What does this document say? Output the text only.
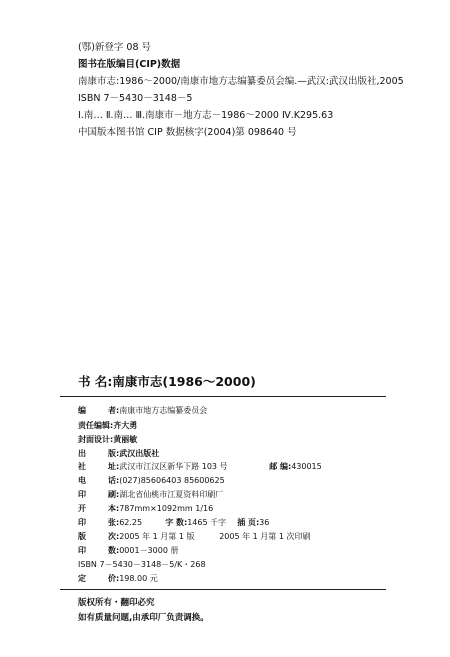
(鄂)新登字 08 号
图书在版编目(CIP)数据
南康市志:1986～2000/南康市地方志编纂委员会编.—武汉:武汉出版社,2005
ISBN 7－5430－3148－5
Ⅰ.南… Ⅱ.南… Ⅲ.南康市－地方志－1986～2000 Ⅳ.K295.63
中国版本图书馆 CIP 数据核字(2004)第 098640 号
书 名:南康市志(1986～2000)
编	者:南康市地方志编纂委员会
责任编辑:齐大勇
封面设计:黄丽敏
出	版:武汉出版社
社	址:武汉市江汉区新华下路 103 号	邮 编:430015
电	话:(027)85606403 85600625
印	刷:湖北省仙桃市江夏资料印刷厂
开	本:787mm×1092mm 1/16
印	张:62.25	字 数:1465 千字 插 页:36
版	次:2005 年 1 月第 1 版	2005 年 1 月第 1 次印刷
印	数:0001－3000 册
ISBN 7－5430－3148－5/K・268
定	价:198.00 元
版权所有・翻印必究
如有质量问题,由承印厂负责调换。
